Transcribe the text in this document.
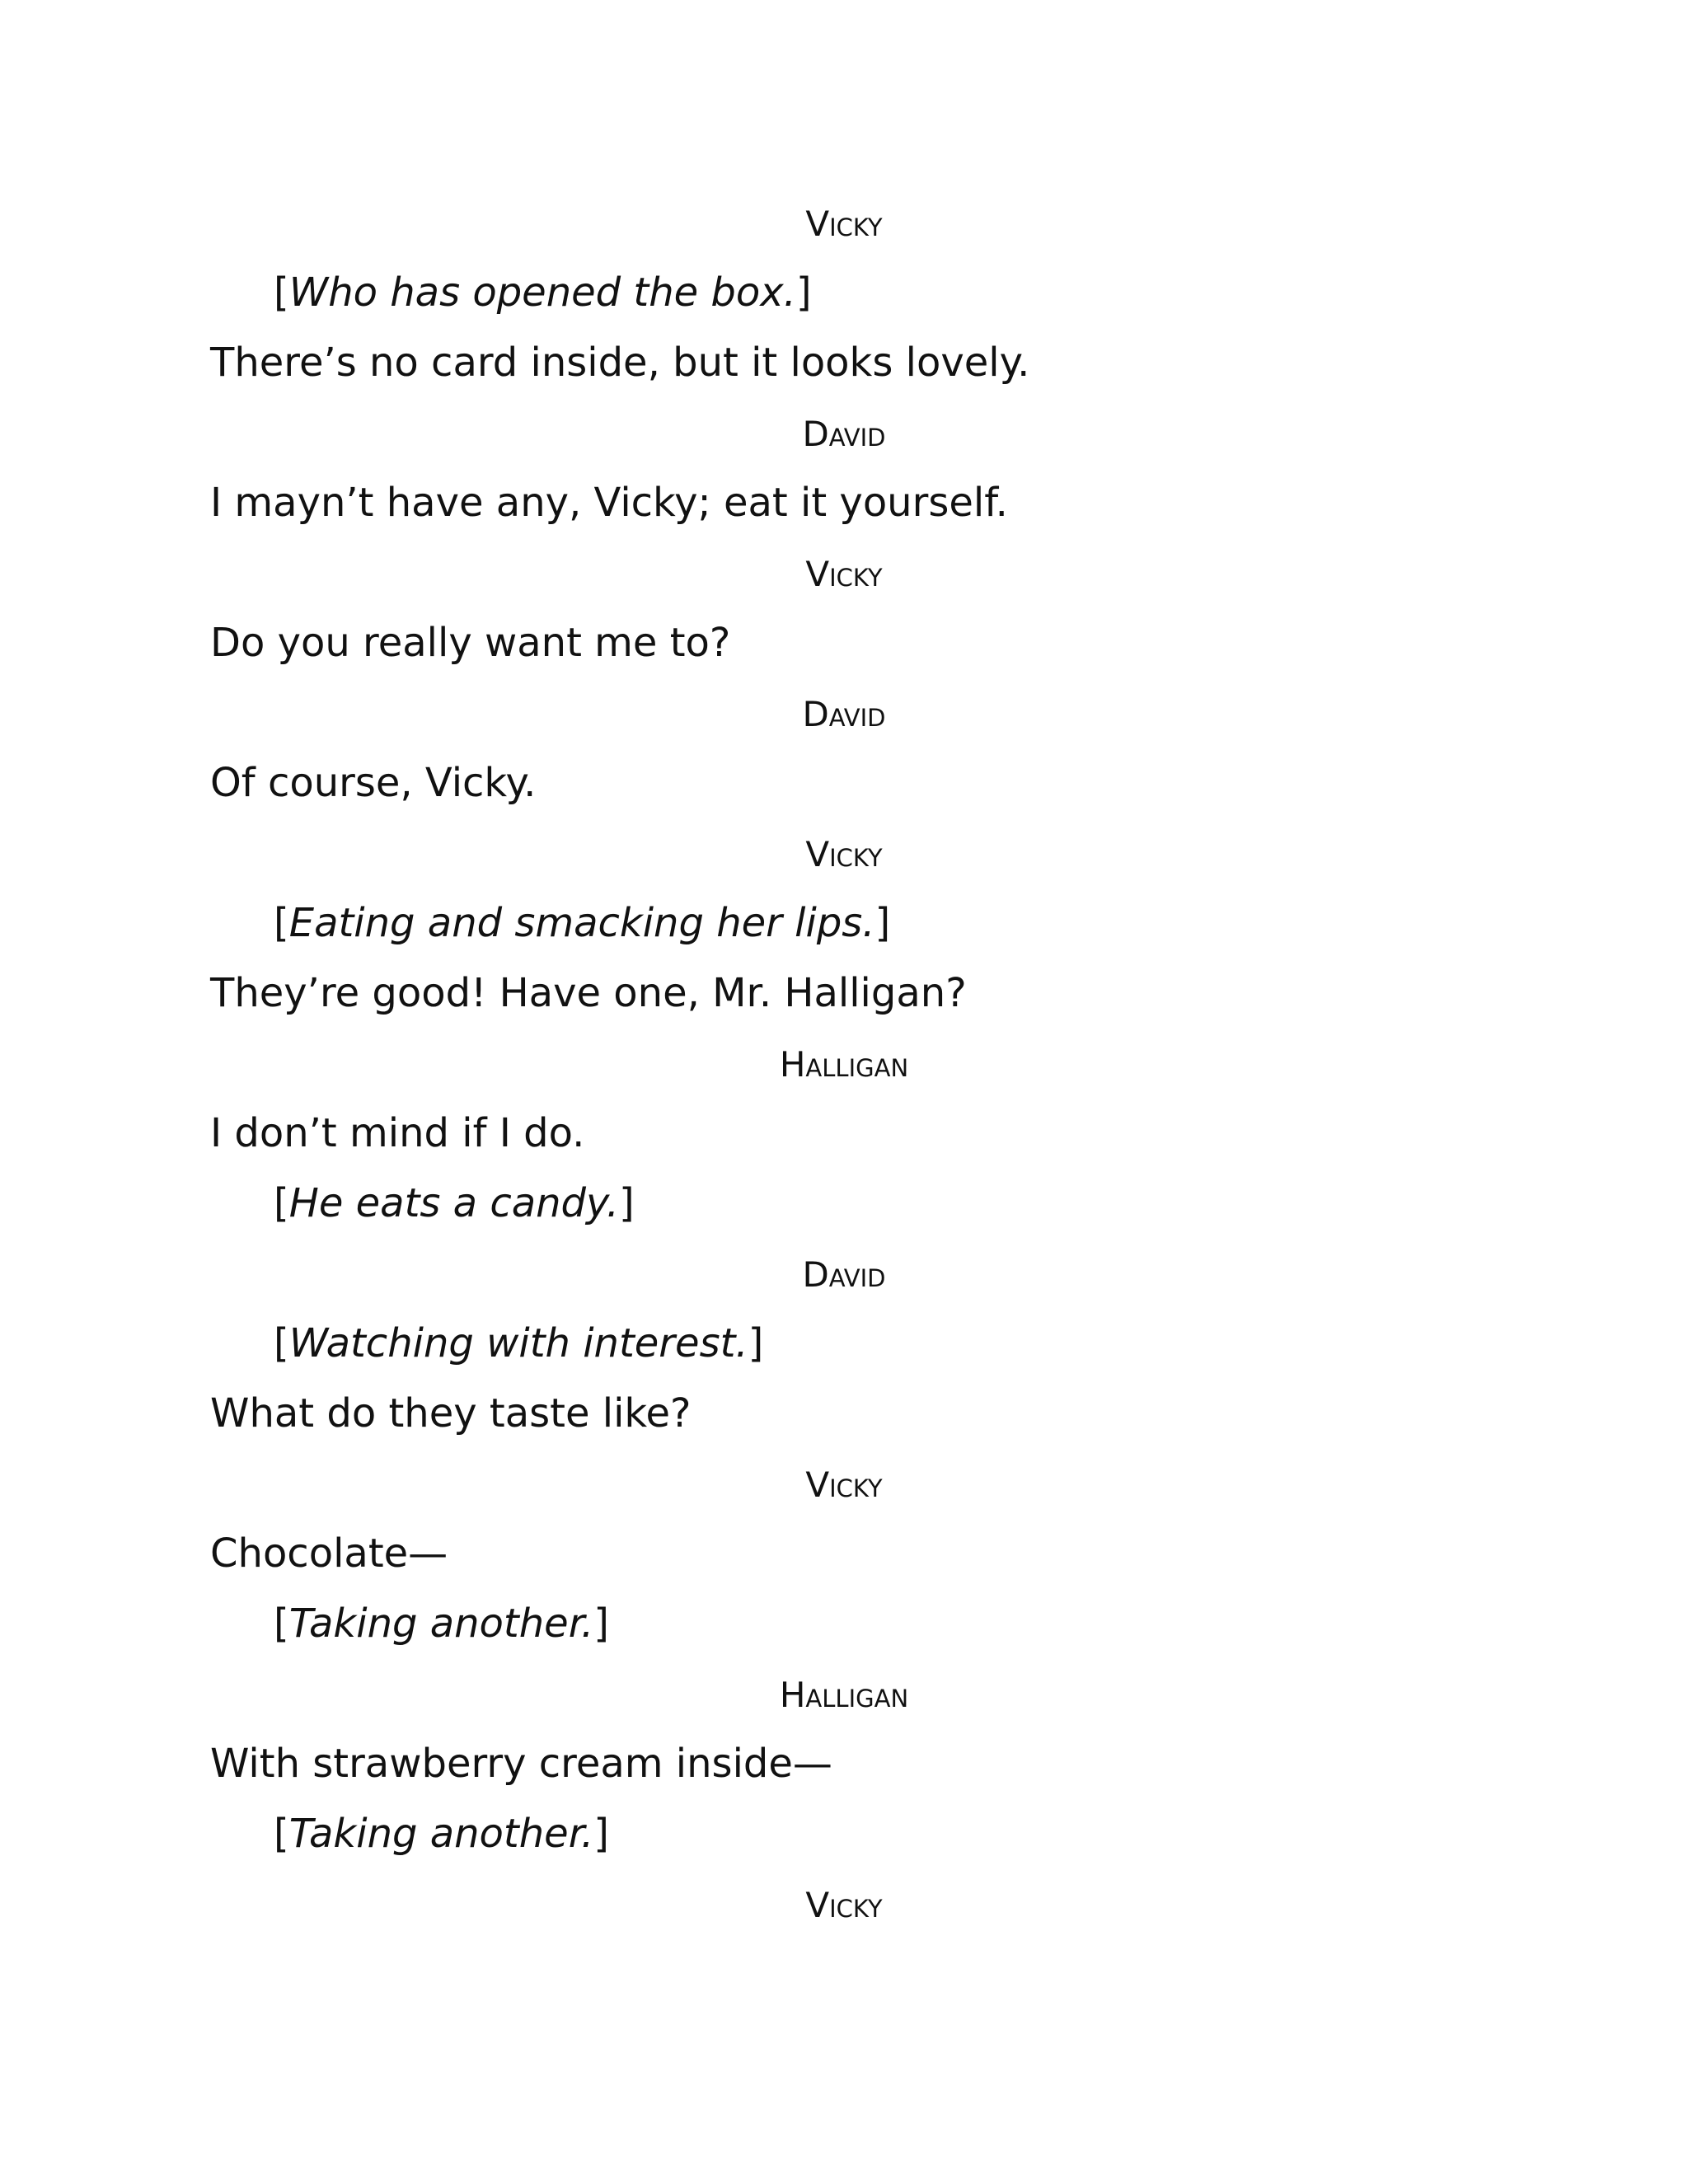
Vicky
[Who has opened the box.]
There’s no card inside, but it looks lovely.
David
I mayn’t have any, Vicky; eat it yourself.
Vicky
Do you really want me to?
David
Of course, Vicky.
Vicky
[Eating and smacking her lips.]
They’re good! Have one, Mr. Halligan?
Halligan
I don’t mind if I do.
[He eats a candy.]
David
[Watching with interest.]
What do they taste like?
Vicky
Chocolate—
[Taking another.]
Halligan
With strawberry cream inside—
[Taking another.]
Vicky
